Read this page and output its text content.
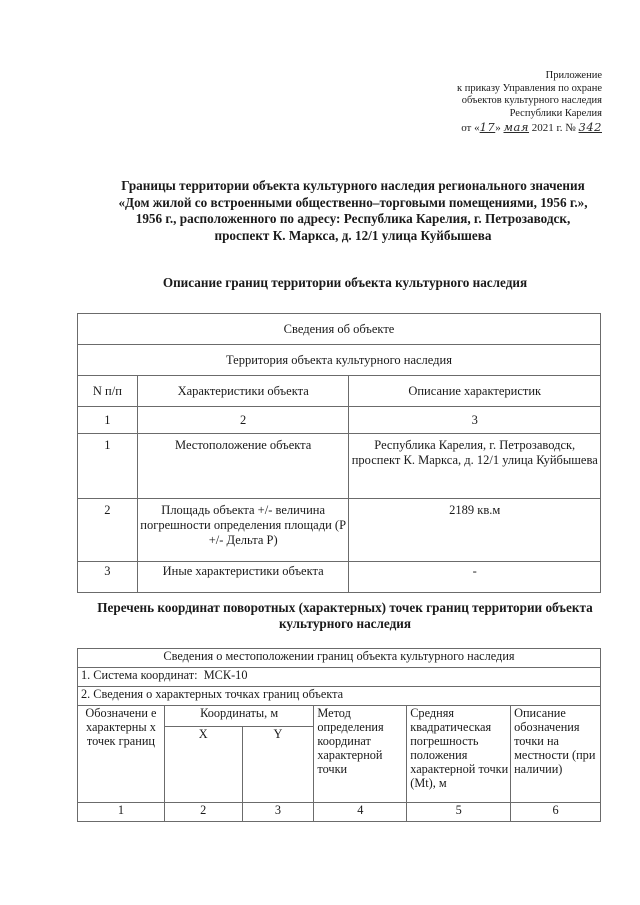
Приложение
к приказу Управления по охране
объектов культурного наследия
Республики Карелия
от «17» мая 2021 г. № 342
Границы территории объекта культурного наследия регионального значения «Дом жилой со встроенными общественно–торговыми помещениями, 1956 г.», 1956 г., расположенного по адресу: Республика Карелия, г. Петрозаводск, проспект К. Маркса, д. 12/1 улица Куйбышева
Описание границ территории объекта культурного наследия
Сведения об объекте		
Территория объекта культурного наследия		
N п/п	Характеристики объекта	Описание характеристик
1	2	3
1	Местоположение объекта	Республика Карелия, г. Петрозаводск, проспект К. Маркса, д. 12/1 улица Куйбышева
2	Площадь объекта +/- величина погрешности определения площади (Р +/- Дельта Р)	2189 кв.м
3	Иные характеристики объекта	-
Перечень координат поворотных (характерных) точек границ территории объекта культурного наследия
Сведения о местоположении границ объекта культурного наследия					
1. Система координат: МСК-10					
2. Сведения о характерных точках границ объекта					
Обозначени е характерны х точек границ	Координаты, м		Метод определения координат характерной точки	Средняя квадратическая погрешность положения характерной точки (Mt), м	Описание обозначения точки на местности (при наличии)
	X	Y			
1	2	3	4	5	6
